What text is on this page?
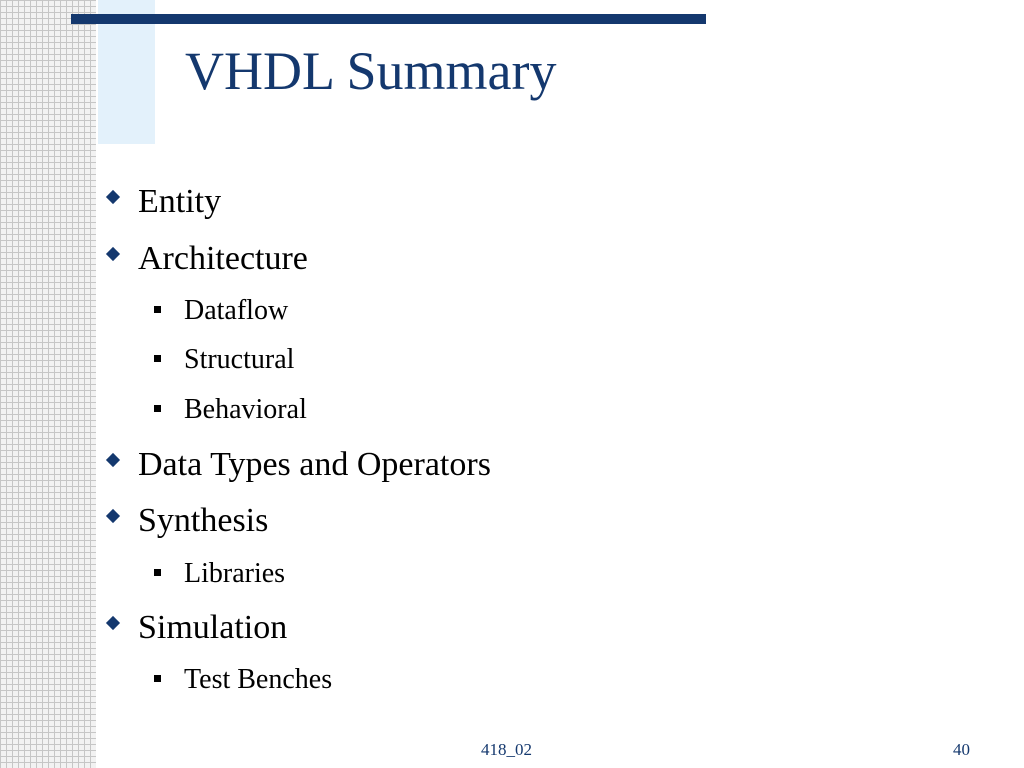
VHDL Summary
Entity
Architecture
Dataflow
Structural
Behavioral
Data Types and Operators
Synthesis
Libraries
Simulation
Test Benches
418_02	40
